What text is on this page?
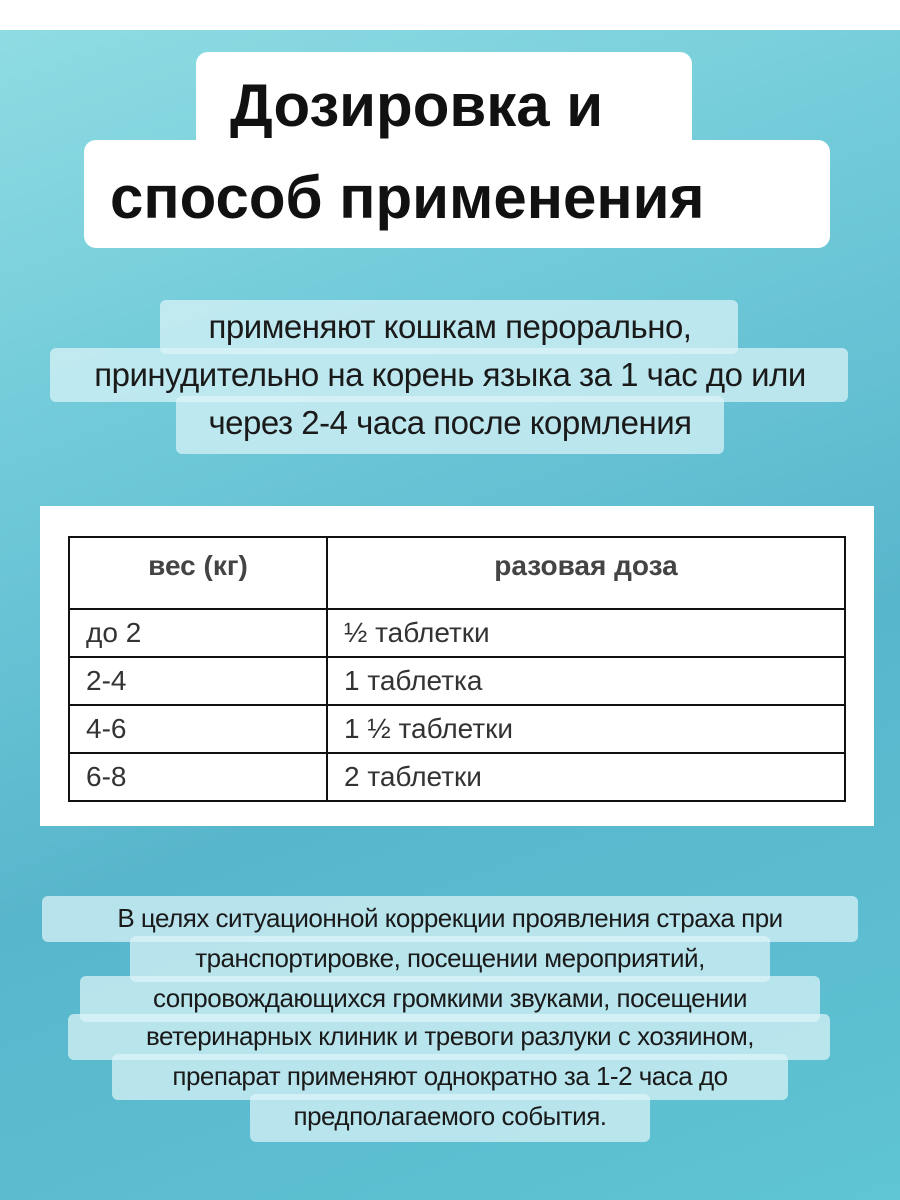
Дозировка и
способ применения
применяют кошкам перорально,
принудительно на корень языка за 1 час до или
через 2-4 часа после кормления
вес (кг)	разовая доза
до 2	½ таблетки
2-4	1 таблетка
4-6	1 ½ таблетки
6-8	2 таблетки
В целях ситуационной коррекции проявления страха при
транспортировке, посещении мероприятий,
сопровождающихся громкими звуками, посещении
ветеринарных клиник и тревоги разлуки с хозяином,
препарат применяют однократно за 1-2 часа до
предполагаемого события.
